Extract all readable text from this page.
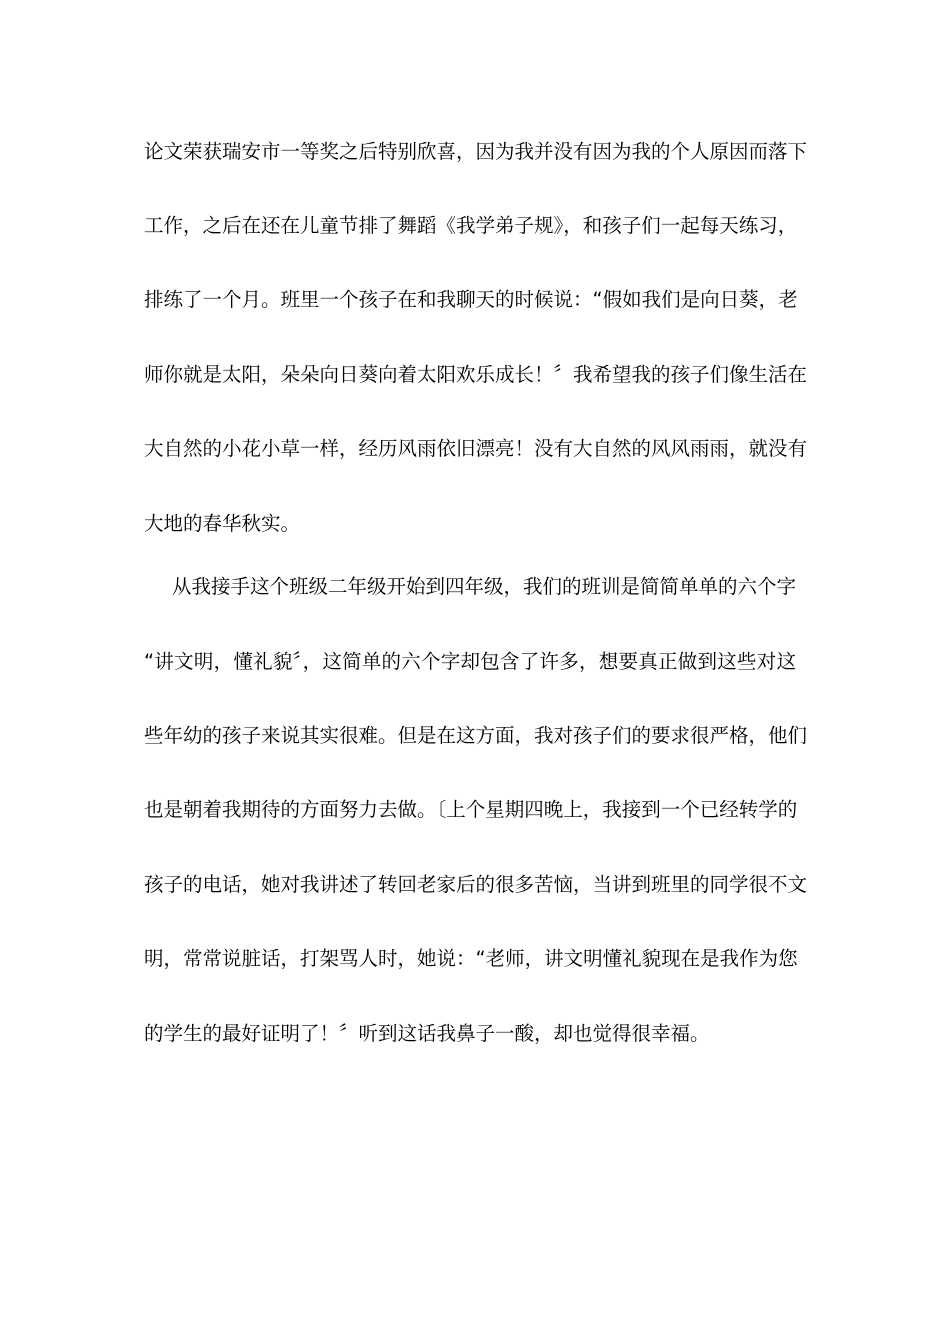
论文荣获瑞安市一等奖之后特别欣喜，因为我并没有因为我的个人原因而落下
工作，之后在还在儿童节排了舞蹈《我学弟子规》，和孩子们一起每天练习，
排练了一个月。班里一个孩子在和我聊天的时候说：“假如我们是向日葵，老
师你就是太阳，朵朵向日葵向着太阳欢乐成长！〞我希望我的孩子们像生活在
大自然的小花小草一样，经历风雨依旧漂亮！没有大自然的风风雨雨，就没有
大地的春华秋实。
从我接手这个班级二年级开始到四年级，我们的班训是简简单单的六个字
“讲文明，懂礼貌〞，这简单的六个字却包含了许多，想要真正做到这些对这
些年幼的孩子来说其实很难。但是在这方面，我对孩子们的要求很严格，他们
也是朝着我期待的方面努力去做。〔上个星期四晚上，我接到一个已经转学的
孩子的电话，她对我讲述了转回老家后的很多苦恼，当讲到班里的同学很不文
明，常常说脏话，打架骂人时，她说：“老师，讲文明懂礼貌现在是我作为您
的学生的最好证明了！〞听到这话我鼻子一酸，却也觉得很幸福。
